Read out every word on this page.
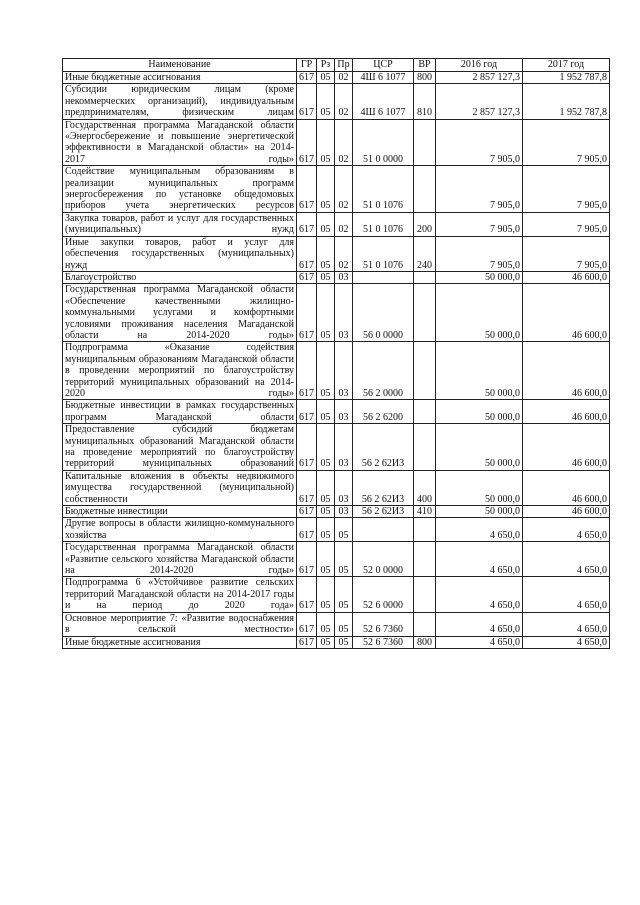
Наименование	ГР	Рз	Пр	ЦСР	ВР	2016 год	2017 год
Иные бюджетные ассигнования	617	05	02	4Ш 6 1077	800	2 857 127,3	1 952 787,8
Субсидии юридическим лицам (кроме некоммерческих организаций), индивидуальным предпринимателям, физическим лицам	617	05	02	4Ш 6 1077	810	2 857 127,3	1 952 787,8
Государственная программа Магаданской области «Энергосбережение и повышение энергетической эффективности в Магаданской области» на 2014-2017 годы»	617	05	02	51 0 0000		7 905,0	7 905,0
Содействие муниципальным образованиям в реализации муниципальных программ энергосбережения по установке общедомовых приборов учета энергетических ресурсов	617	05	02	51 0 1076		7 905,0	7 905,0
Закупка товаров, работ и услуг для государственных (муниципальных) нужд	617	05	02	51 0 1076	200	7 905,0	7 905,0
Иные закупки товаров, работ и услуг для обеспечения государственных (муниципальных) нужд	617	05	02	51 0 1076	240	7 905,0	7 905,0
Благоустройство	617	05	03			50 000,0	46 600,0
Государственная программа Магаданской области «Обеспечение качественными жилищно-коммунальными услугами и комфортными условиями проживания населения Магаданской области на 2014-2020 годы»	617	05	03	56 0 0000		50 000,0	46 600,0
Подпрограмма «Оказание содействия муниципальным образованиям Магаданской области в проведении мероприятий по благоустройству территорий муниципальных образований на 2014-2020 годы»	617	05	03	56 2 0000		50 000,0	46 600,0
Бюджетные инвестиции в рамках государственных программ Магаданской области	617	05	03	56 2 6200		50 000,0	46 600,0
Предоставление субсидий бюджетам муниципальных образований Магаданской области на проведение мероприятий по благоустройству территорий муниципальных образований	617	05	03	56 2 62И3		50 000,0	46 600,0
Капитальные вложения в объекты недвижимого имущества государственной (муниципальной) собственности	617	05	03	56 2 62И3	400	50 000,0	46 600,0
Бюджетные инвестиции	617	05	03	56 2 62И3	410	50 000,0	46 600,0
Другие вопросы в области жилищно-коммунального хозяйства	617	05	05			4 650,0	4 650,0
Государственная программа Магаданской области «Развитие сельского хозяйства Магаданской области на 2014-2020 годы»	617	05	05	52 0 0000		4 650,0	4 650,0
Подпрограмма 6 «Устойчивое развитие сельских территорий Магаданской области на 2014-2017 годы и на период до 2020 года»	617	05	05	52 6 0000		4 650,0	4 650,0
Основное мероприятие 7: «Развитие водоснабжения в сельской местности»	617	05	05	52 6 7360		4 650,0	4 650,0
Иные бюджетные ассигнования	617	05	05	52 6 7360	800	4 650,0	4 650,0
